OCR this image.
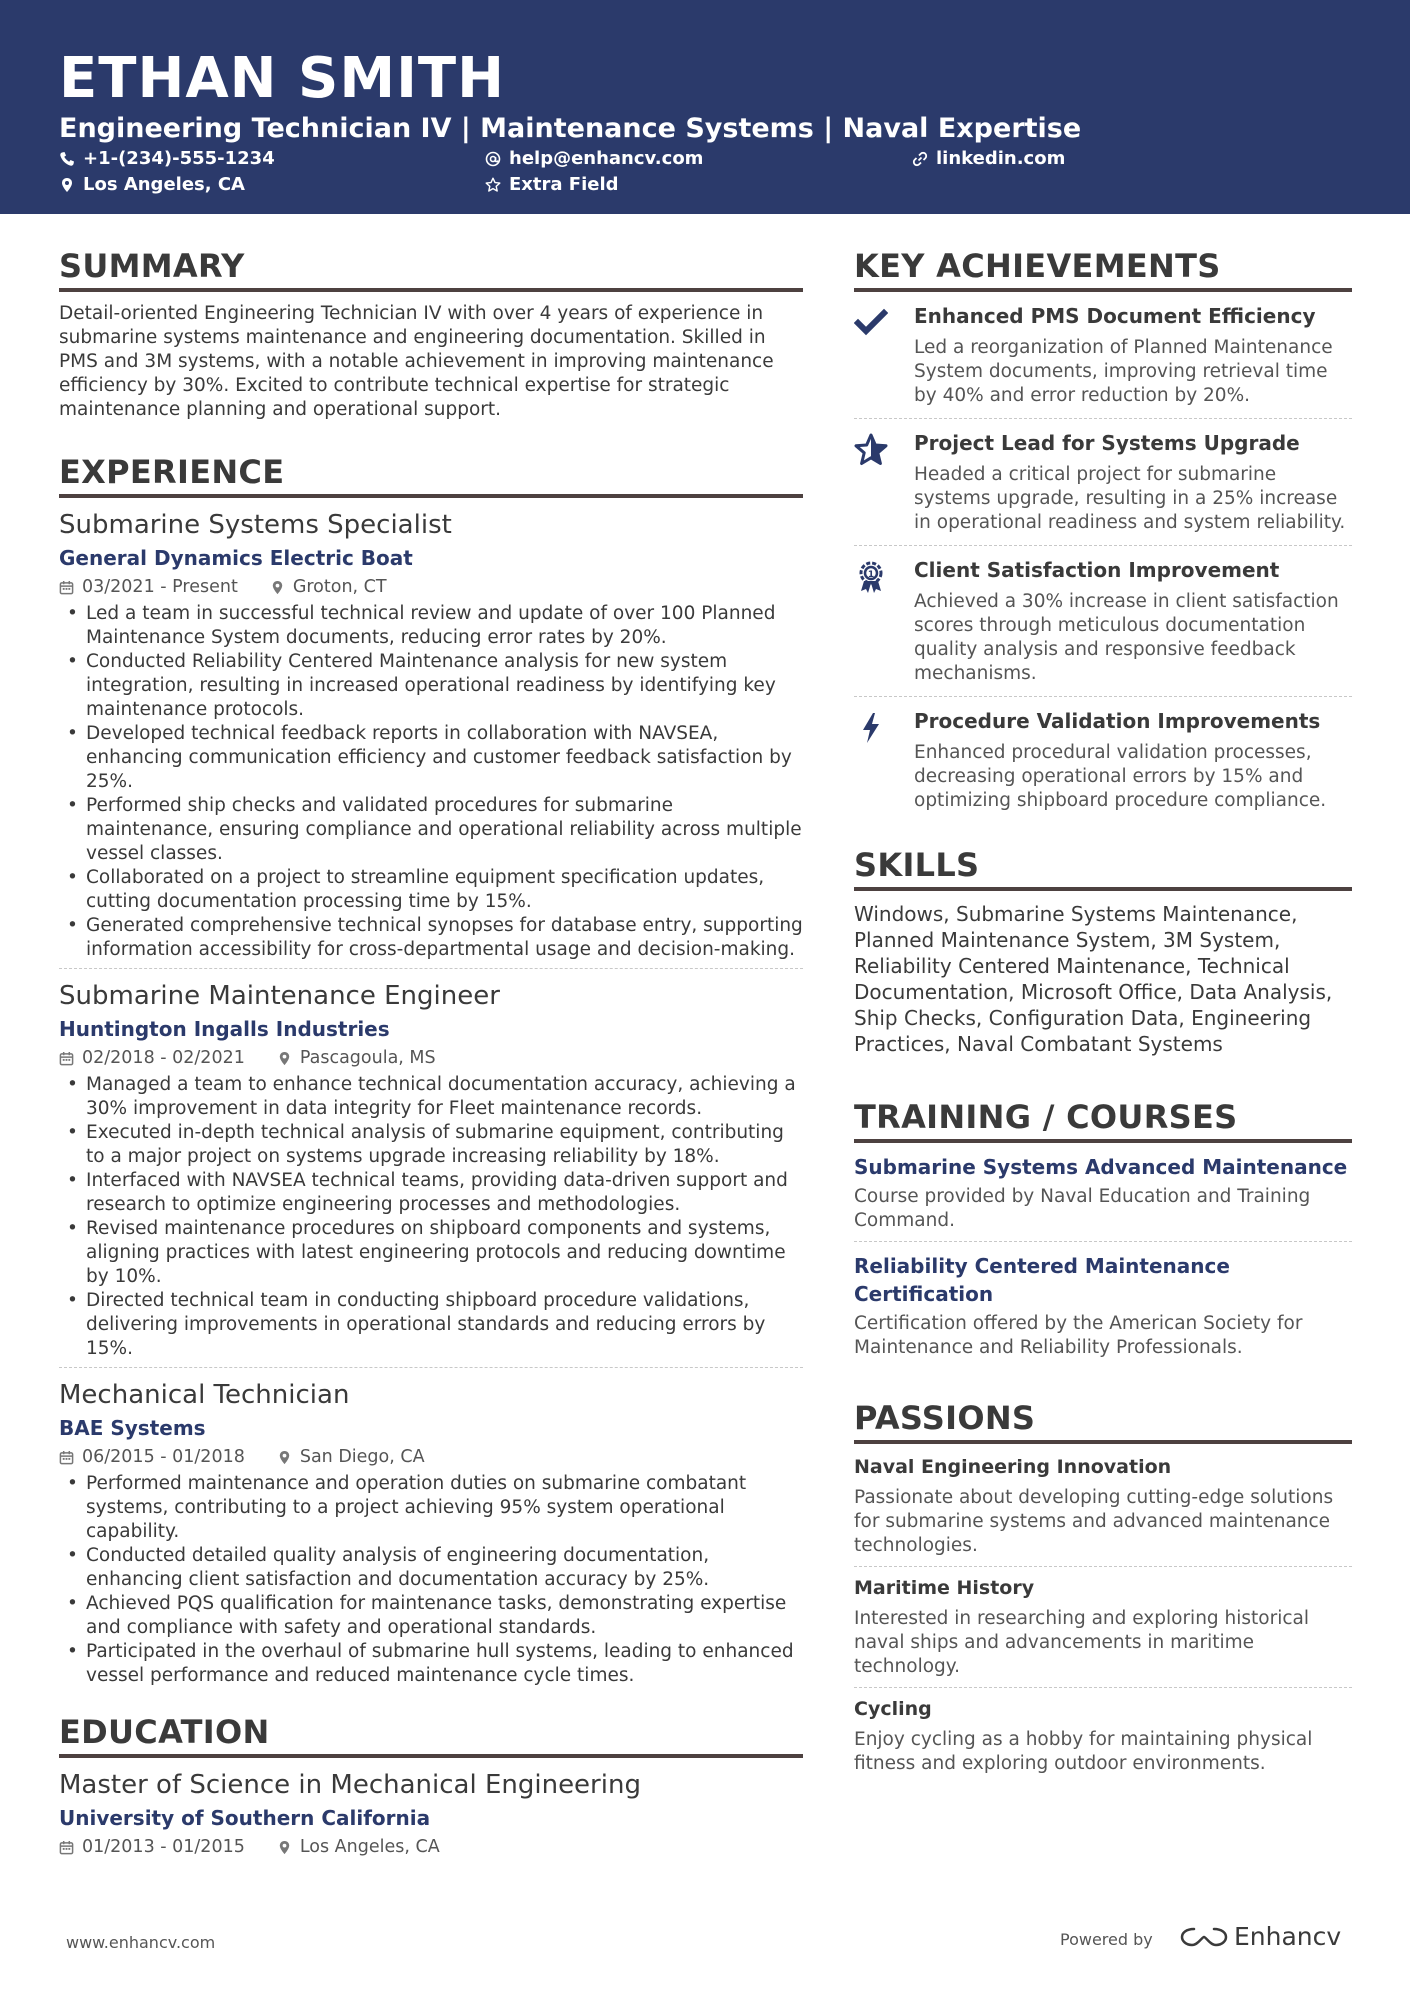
ETHAN SMITH
Engineering Technician IV | Maintenance Systems | Naval Expertise
+1-(234)-555-1234	help@enhancv.com	linkedin.com
Los Angeles, CA	Extra Field
SUMMARY
Detail-oriented Engineering Technician IV with over 4 years of experience in submarine systems maintenance and engineering documentation. Skilled in PMS and 3M systems, with a notable achievement in improving maintenance efficiency by 30%. Excited to contribute technical expertise for strategic maintenance planning and operational support.
EXPERIENCE
Submarine Systems Specialist
General Dynamics Electric Boat
03/2021 - Present	Groton, CT
• Led a team in successful technical review and update of over 100 Planned Maintenance System documents, reducing error rates by 20%.
• Conducted Reliability Centered Maintenance analysis for new system integration, resulting in increased operational readiness by identifying key maintenance protocols.
• Developed technical feedback reports in collaboration with NAVSEA, enhancing communication efficiency and customer feedback satisfaction by 25%.
• Performed ship checks and validated procedures for submarine maintenance, ensuring compliance and operational reliability across multiple vessel classes.
• Collaborated on a project to streamline equipment specification updates, cutting documentation processing time by 15%.
• Generated comprehensive technical synopses for database entry, supporting information accessibility for cross-departmental usage and decision-making.
Submarine Maintenance Engineer
Huntington Ingalls Industries
02/2018 - 02/2021	Pascagoula, MS
• Managed a team to enhance technical documentation accuracy, achieving a 30% improvement in data integrity for Fleet maintenance records.
• Executed in-depth technical analysis of submarine equipment, contributing to a major project on systems upgrade increasing reliability by 18%.
• Interfaced with NAVSEA technical teams, providing data-driven support and research to optimize engineering processes and methodologies.
• Revised maintenance procedures on shipboard components and systems, aligning practices with latest engineering protocols and reducing downtime by 10%.
• Directed technical team in conducting shipboard procedure validations, delivering improvements in operational standards and reducing errors by 15%.
Mechanical Technician
BAE Systems
06/2015 - 01/2018	San Diego, CA
• Performed maintenance and operation duties on submarine combatant systems, contributing to a project achieving 95% system operational capability.
• Conducted detailed quality analysis of engineering documentation, enhancing client satisfaction and documentation accuracy by 25%.
• Achieved PQS qualification for maintenance tasks, demonstrating expertise and compliance with safety and operational standards.
• Participated in the overhaul of submarine hull systems, leading to enhanced vessel performance and reduced maintenance cycle times.
EDUCATION
Master of Science in Mechanical Engineering
University of Southern California
01/2013 - 01/2015	Los Angeles, CA
KEY ACHIEVEMENTS
Enhanced PMS Document Efficiency
Led a reorganization of Planned Maintenance System documents, improving retrieval time by 40% and error reduction by 20%.
Project Lead for Systems Upgrade
Headed a critical project for submarine systems upgrade, resulting in a 25% increase in operational readiness and system reliability.
1 Client Satisfaction Improvement
Achieved a 30% increase in client satisfaction scores through meticulous documentation quality analysis and responsive feedback mechanisms.
Procedure Validation Improvements
Enhanced procedural validation processes, decreasing operational errors by 15% and optimizing shipboard procedure compliance.
SKILLS
Windows, Submarine Systems Maintenance, Planned Maintenance System, 3M System, Reliability Centered Maintenance, Technical Documentation, Microsoft Office, Data Analysis, Ship Checks, Configuration Data, Engineering Practices, Naval Combatant Systems
TRAINING / COURSES
Submarine Systems Advanced Maintenance
Course provided by Naval Education and Training Command.
Reliability Centered Maintenance Certification
Certification offered by the American Society for Maintenance and Reliability Professionals.
PASSIONS
Naval Engineering Innovation
Passionate about developing cutting-edge solutions for submarine systems and advanced maintenance technologies.
Maritime History
Interested in researching and exploring historical naval ships and advancements in maritime technology.
Cycling
Enjoy cycling as a hobby for maintaining physical fitness and exploring outdoor environments.
www.enhancv.com	Powered by	Enhancv
